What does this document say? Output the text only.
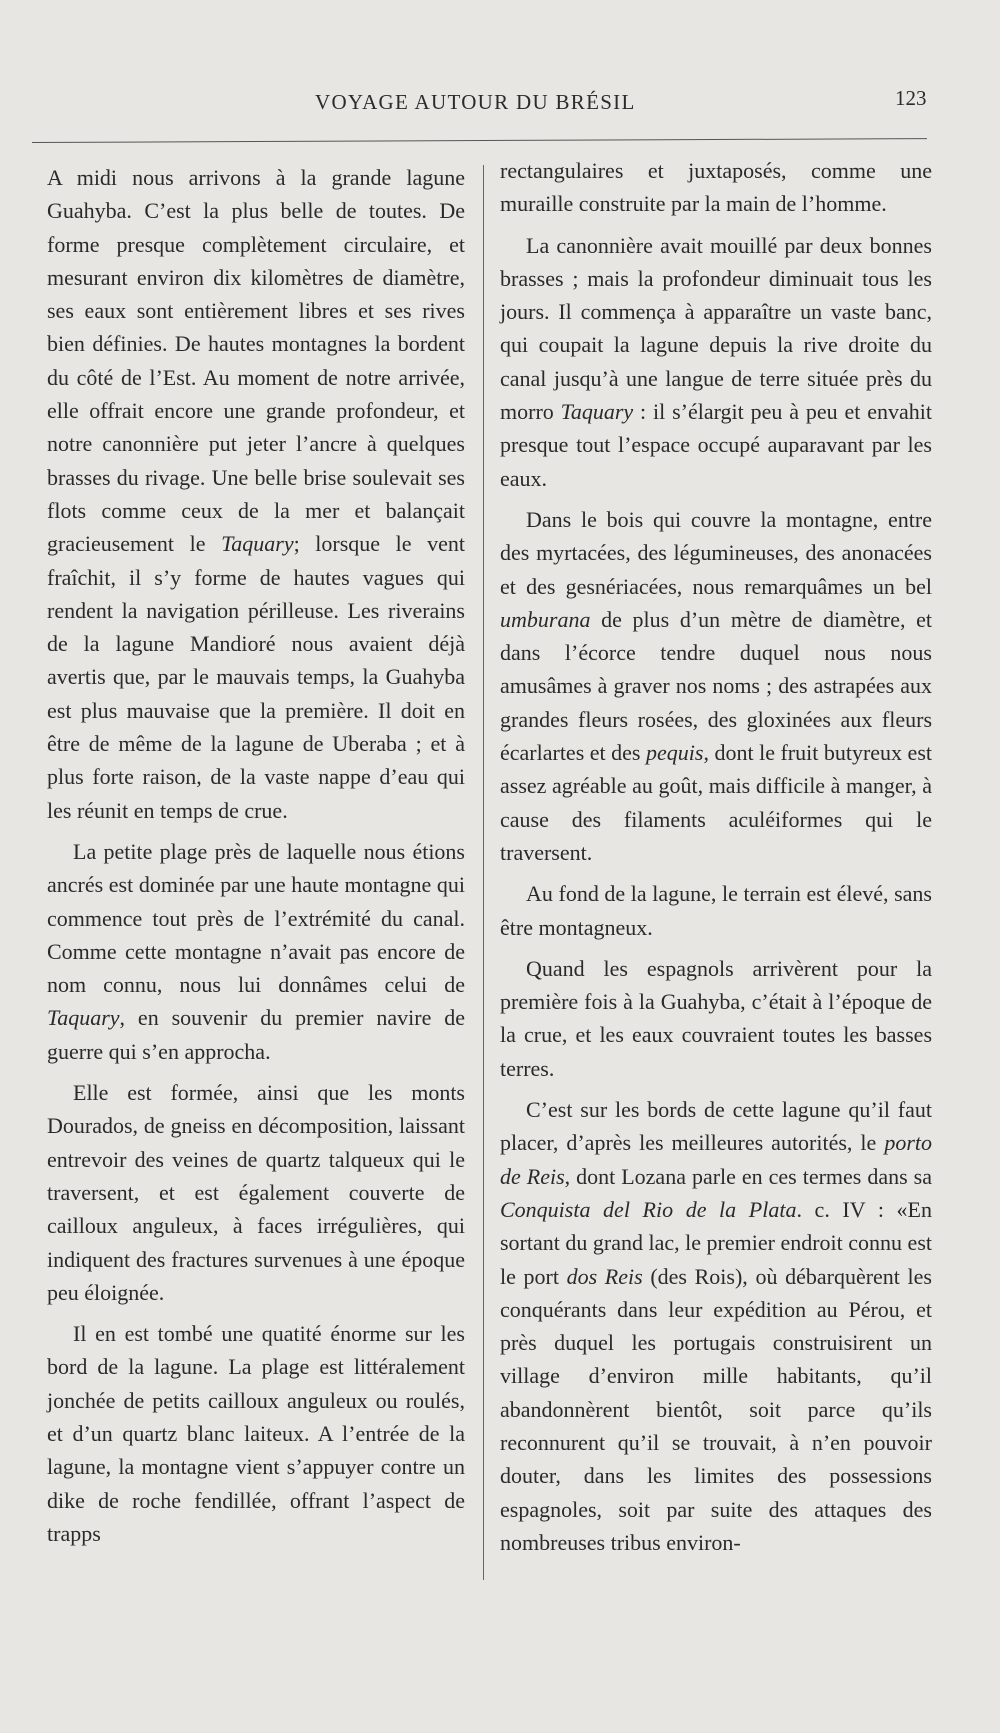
VOYAGE AUTOUR DU BRÉSIL	123

A midi nous arrivons à la grande lagune Guahyba. C’est la plus belle de toutes. De forme presque complètement circulaire, et mesurant environ dix kilomètres de diamètre, ses eaux sont entièrement libres et ses rives bien définies. De hautes montagnes la bordent du côté de l’Est. Au moment de notre arrivée, elle offrait encore une grande profondeur, et notre canonnière put jeter l’ancre à quelques brasses du rivage. Une belle brise soulevait ses flots comme ceux de la mer et balançait gracieusement le Taquary; lorsque le vent fraîchit, il s’y forme de hautes vagues qui rendent la navigation périlleuse. Les riverains de la lagune Mandioré nous avaient déjà avertis que, par le mauvais temps, la Guahyba est plus mauvaise que la première. Il doit en être de même de la lagune de Uberaba ; et à plus forte raison, de la vaste nappe d’eau qui les réunit en temps de crue.

La petite plage près de laquelle nous étions ancrés est dominée par une haute montagne qui commence tout près de l’extrémité du canal. Comme cette montagne n’avait pas encore de nom connu, nous lui donnâmes celui de Taquary, en souvenir du premier navire de guerre qui s’en approcha.

Elle est formée, ainsi que les monts Dourados, de gneiss en décomposition, laissant entrevoir des veines de quartz talqueux qui le traversent, et est également couverte de cailloux anguleux, à faces irrégulières, qui indiquent des fractures survenues à une époque peu éloignée.

Il en est tombé une quatité énorme sur les bord de la lagune. La plage est littéralement jonchée de petits cailloux anguleux ou roulés, et d’un quartz blanc laiteux. A l’entrée de la lagune, la montagne vient s’appuyer contre un dike de roche fendillée, offrant l’aspect de trapps

rectangulaires et juxtaposés, comme une muraille construite par la main de l’homme.

La canonnière avait mouillé par deux bonnes brasses ; mais la profondeur diminuait tous les jours. Il commença à apparaître un vaste banc, qui coupait la lagune depuis la rive droite du canal jusqu’à une langue de terre située près du morro Taquary : il s’élargit peu à peu et envahit presque tout l’espace occupé auparavant par les eaux.

Dans le bois qui couvre la montagne, entre des myrtacées, des légumineuses, des anonacées et des gesnériacées, nous remarquâmes un bel umburana de plus d’un mètre de diamètre, et dans l’écorce tendre duquel nous nous amusâmes à graver nos noms ; des astrapées aux grandes fleurs rosées, des gloxinées aux fleurs écarlartes et des pequis, dont le fruit butyreux est assez agréable au goût, mais difficile à manger, à cause des filaments aculéiformes qui le traversent.

Au fond de la lagune, le terrain est élevé, sans être montagneux.

Quand les espagnols arrivèrent pour la première fois à la Guahyba, c’était à l’époque de la crue, et les eaux couvraient toutes les basses terres.

C’est sur les bords de cette lagune qu’il faut placer, d’après les meilleures autorités, le porto de Reis, dont Lozana parle en ces termes dans sa Conquista del Rio de la Plata. c. IV : «En sortant du grand lac, le premier endroit connu est le port dos Reis (des Rois), où débarquèrent les conquérants dans leur expédition au Pérou, et près duquel les portugais construisirent un village d’environ mille habitants, qu’il abandonnèrent bientôt, soit parce qu’ils reconnurent qu’il se trouvait, à n’en pouvoir douter, dans les limites des possessions espagnoles, soit par suite des attaques des nombreuses tribus environ-
